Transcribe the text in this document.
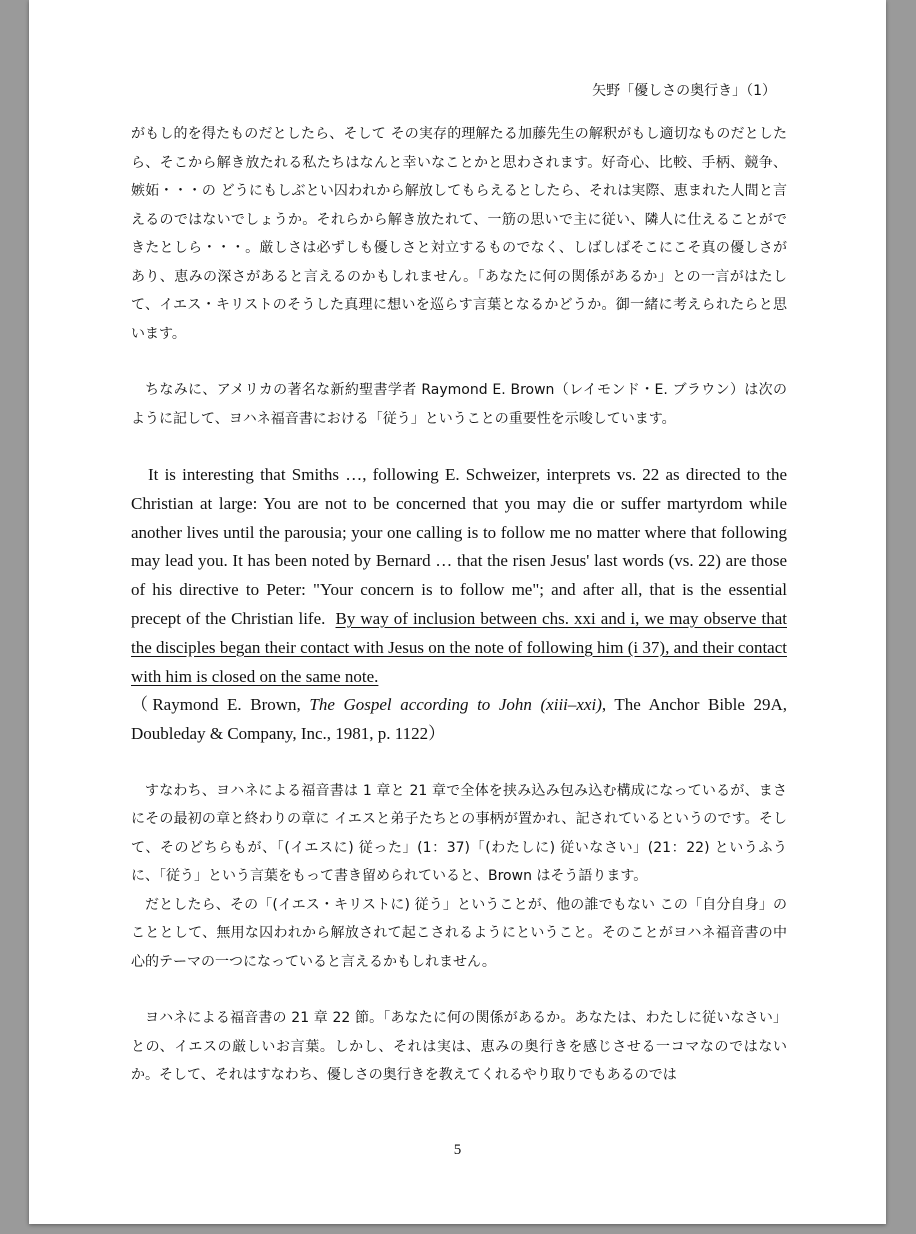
矢野「優しさの奥行き」（1）

がもし的を得たものだとしたら、そして その実存的理解たる加藤先生の解釈がもし適切なものだとしたら、そこから解き放たれる私たちはなんと幸いなことかと思わされます。好奇心、比較、手柄、競争、嫉妬・・・の どうにもしぶとい囚われから解放してもらえるとしたら、それは実際、恵まれた人間と言えるのではないでしょうか。それらから解き放たれて、一筋の思いで主に従い、隣人に仕えることができたとしら・・・。厳しさは必ずしも優しさと対立するものでなく、しばしばそこにこそ真の優しさがあり、恵みの深さがあると言えるのかもしれません。「あなたに何の関係があるか」との一言がはたして、イエス・キリストのそうした真理に想いを巡らす言葉となるかどうか。御一緒に考えられたらと思います。

ちなみに、アメリカの著名な新約聖書学者 Raymond E. Brown（レイモンド・E. ブラウン）は次のように記して、ヨハネ福音書における「従う」ということの重要性を示唆しています。

It is interesting that Smiths …, following E. Schweizer, interprets vs. 22 as directed to the Christian at large: You are not to be concerned that you may die or suffer martyrdom while another lives until the parousia; your one calling is to follow me no matter where that following may lead you. It has been noted by Bernard … that the risen Jesus' last words (vs. 22) are those of his directive to Peter: "Your concern is to follow me"; and after all, that is the essential precept of the Christian life. By way of inclusion between chs. xxi and i, we may observe that the disciples began their contact with Jesus on the note of following him (i 37), and their contact with him is closed on the same note.

（Raymond E. Brown, The Gospel according to John (xiii–xxi), The Anchor Bible 29A, Doubleday & Company, Inc., 1981, p. 1122）

すなわち、ヨハネによる福音書は 1 章と 21 章で全体を挟み込み包み込む構成になっているが、まさにその最初の章と終わりの章に イエスと弟子たちとの事柄が置かれ、記されているというのです。そして、そのどちらもが、「(イエスに) 従った」(1：37)「(わたしに) 従いなさい」(21：22) というふうに、「従う」という言葉をもって書き留められていると、Brown はそう語ります。

だとしたら、その「(イエス・キリストに) 従う」ということが、他の誰でもない この「自分自身」のこととして、無用な囚われから解放されて起こされるようにということ。そのことがヨハネ福音書の中心的テーマの一つになっていると言えるかもしれません。

ヨハネによる福音書の 21 章 22 節。「あなたに何の関係があるか。あなたは、わたしに従いなさい」との、イエスの厳しいお言葉。しかし、それは実は、恵みの奥行きを感じさせる一コマなのではないか。そして、それはすなわち、優しさの奥行きを教えてくれるやり取りでもあるのでは

5
